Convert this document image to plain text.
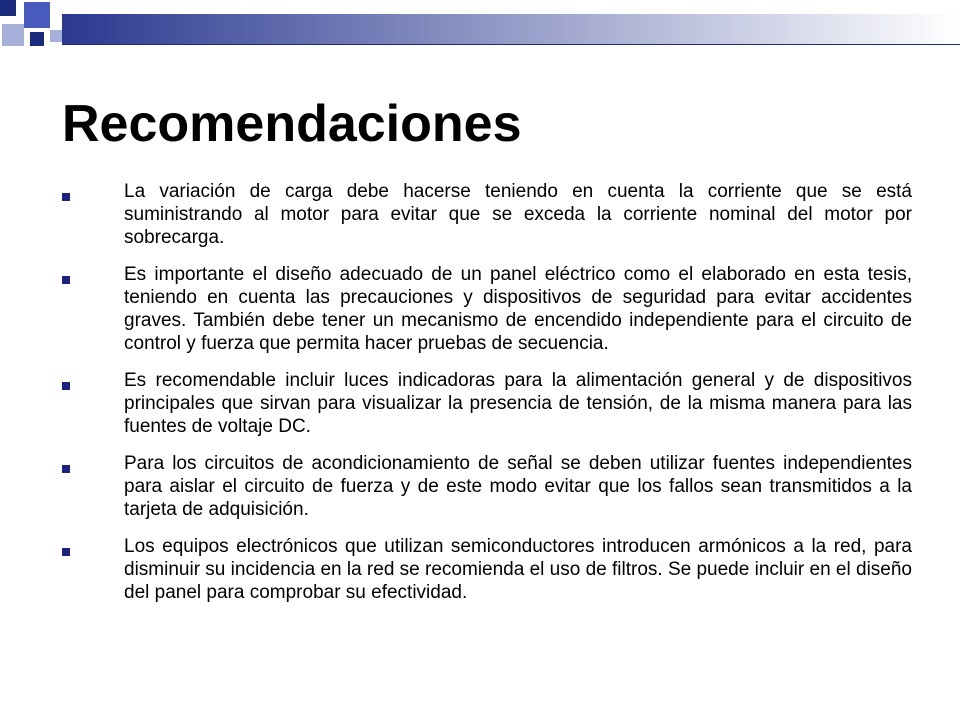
Recomendaciones
La variación de carga debe hacerse teniendo en cuenta la corriente que se está suministrando al motor para evitar que se exceda la corriente nominal del motor por sobrecarga.
Es importante el diseño adecuado de un panel eléctrico como el elaborado en esta tesis, teniendo en cuenta las precauciones y dispositivos de seguridad para evitar accidentes graves. También debe tener un mecanismo de encendido independiente para el circuito de control y fuerza que permita hacer pruebas de secuencia.
Es recomendable incluir luces indicadoras para la alimentación general y de dispositivos principales que sirvan para visualizar la presencia de tensión, de la misma manera para las fuentes de voltaje DC.
Para los circuitos de acondicionamiento de señal se deben utilizar fuentes independientes para aislar el circuito de fuerza y de este modo evitar que los fallos sean transmitidos a la tarjeta de adquisición.
Los equipos electrónicos que utilizan semiconductores introducen armónicos a la red, para disminuir su incidencia en la red se recomienda el uso de filtros. Se puede incluir en el diseño del panel para comprobar su efectividad.
